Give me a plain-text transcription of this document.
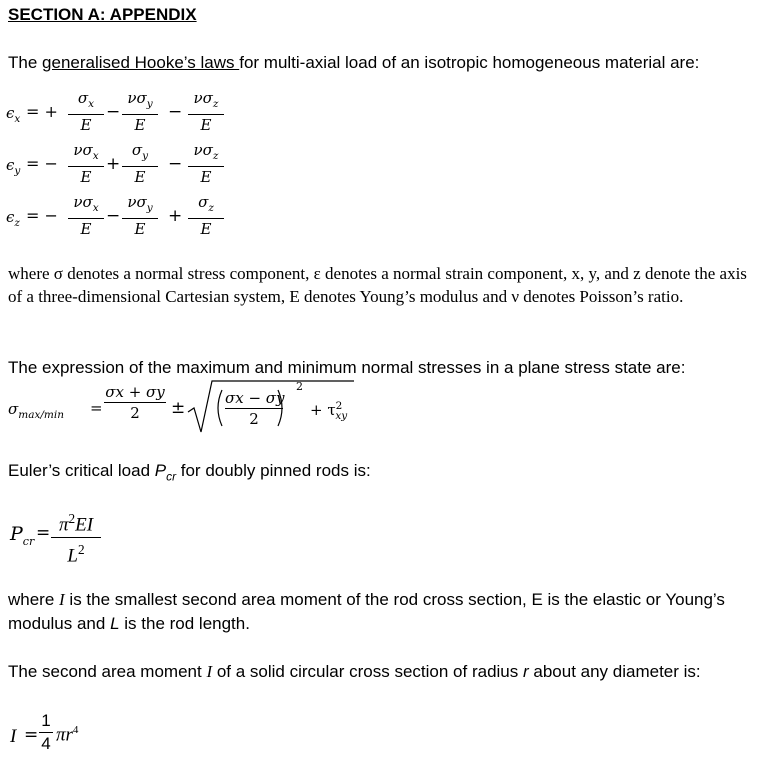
SECTION A: APPENDIX
The generalised Hooke’s laws for multi-axial load of an isotropic homogeneous material are:
$\epsilon_x$ = +
$\sigma_x$
E
$\nu\sigma_y$
E
$\nu\sigma_z$
E
−	−
$\epsilon_y$ = −
$\nu\sigma_x$
E
$\sigma_y$
E
$\nu\sigma_z$
E
+	−
$\epsilon_z$ = −
$\nu\sigma_x$
E
$\nu\sigma_y$
E
$\sigma_z$
E
−	+
where σ denotes a normal stress component, ε denotes a normal strain component, x, y, and z denote the axis of a three-dimensional Cartesian system, E denotes Young’s modulus and ν denotes Poisson’s ratio.
The expression of the maximum and minimum normal stresses in a plane stress state are:
$\sigma_{max/min}$ =
σx + σy
2	±	σx − σy
2
2
+ $\tau^2_{xy}$
Euler’s critical load $P_{cr}$ for doubly pinned rods is:
$P_{cr} = \pi^2EI$
$L^2$
where I is the smallest second area moment of the rod cross section, E is the elastic or Young’s modulus and L is the rod length.
The second area moment I of a solid circular cross section of radius r about any diameter is:
I =
1
4 $\pi r^4$
